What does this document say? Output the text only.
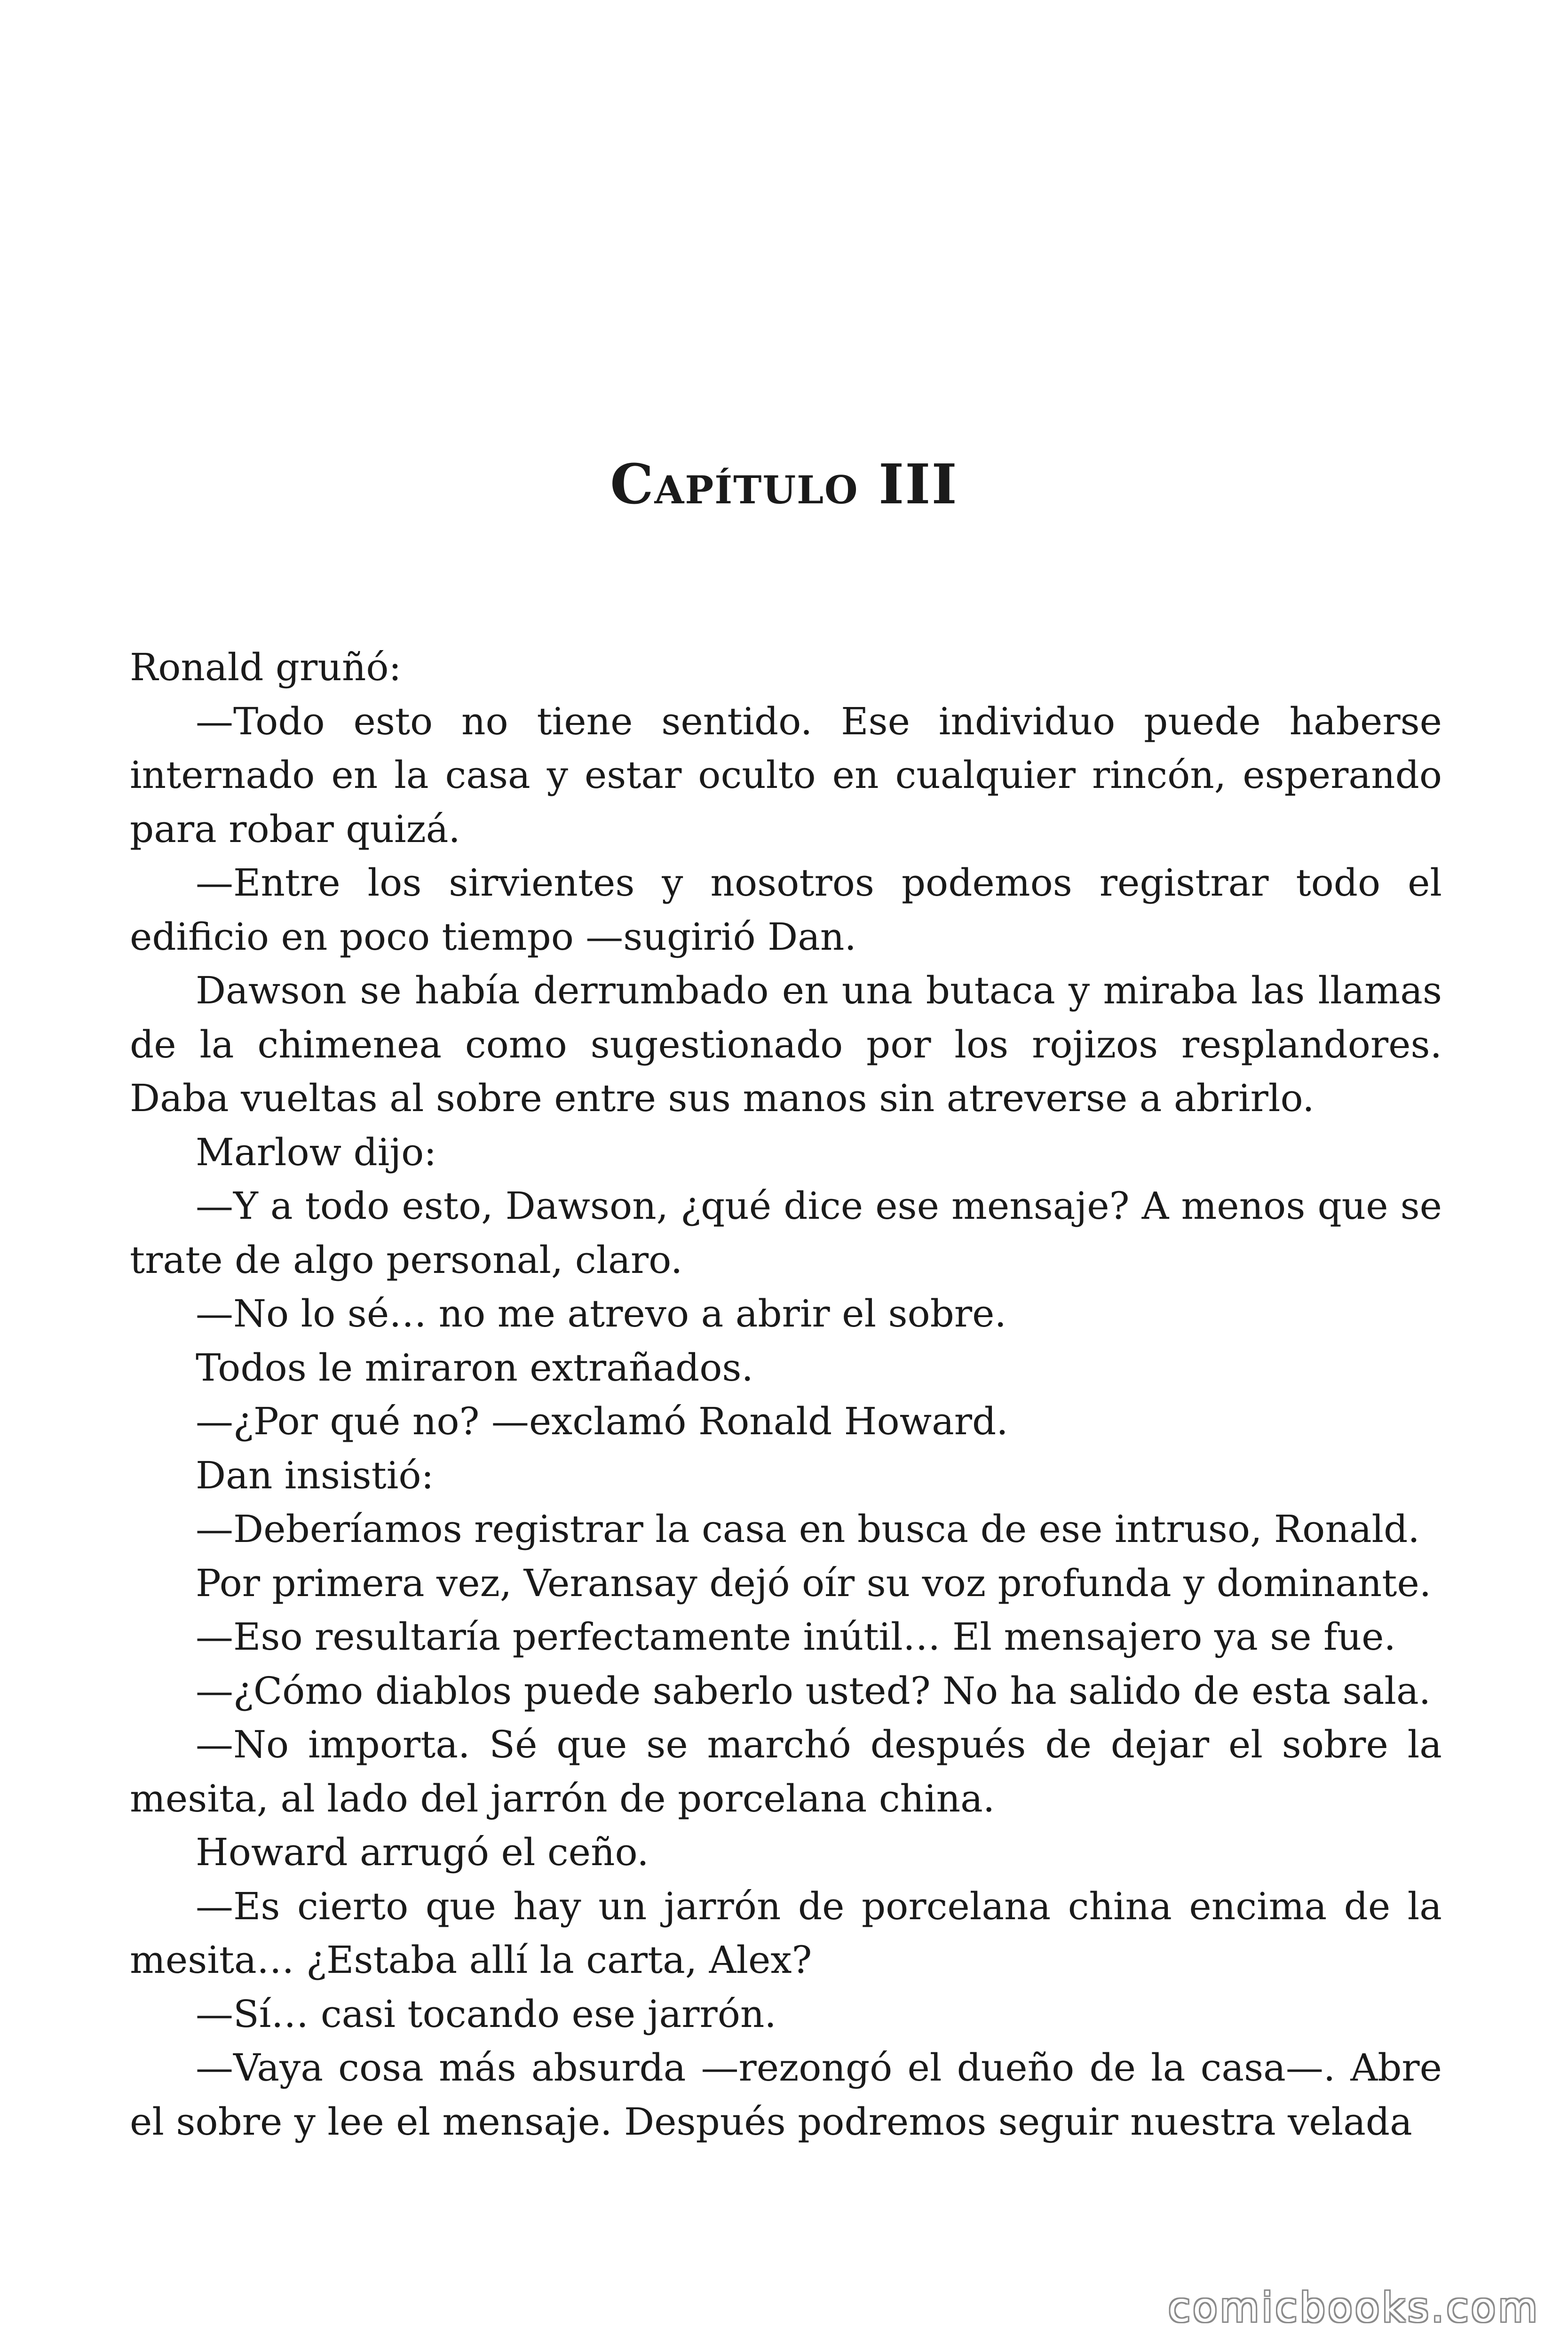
Capítulo III

Ronald gruñó:

—Todo esto no tiene sentido. Ese individuo puede haberse internado en la casa y estar oculto en cualquier rincón, esperando para robar quizá.

—Entre los sirvientes y nosotros podemos registrar todo el edificio en poco tiempo —sugirió Dan.

Dawson se había derrumbado en una butaca y miraba las llamas de la chimenea como sugestionado por los rojizos resplandores. Daba vueltas al sobre entre sus manos sin atreverse a abrirlo.

Marlow dijo:

—Y a todo esto, Dawson, ¿qué dice ese mensaje? A menos que se trate de algo personal, claro.

—No lo sé… no me atrevo a abrir el sobre.

Todos le miraron extrañados.

—¿Por qué no? —exclamó Ronald Howard.

Dan insistió:

—Deberíamos registrar la casa en busca de ese intruso, Ronald.

Por primera vez, Veransay dejó oír su voz profunda y dominante.

—Eso resultaría perfectamente inútil… El mensajero ya se fue.

—¿Cómo diablos puede saberlo usted? No ha salido de esta sala.

—No importa. Sé que se marchó después de dejar el sobre la mesita, al lado del jarrón de porcelana china.

Howard arrugó el ceño.

—Es cierto que hay un jarrón de porcelana china encima de la mesita… ¿Estaba allí la carta, Alex?

—Sí… casi tocando ese jarrón.

—Vaya cosa más absurda —rezongó el dueño de la casa—. Abre el sobre y lee el mensaje. Después podremos seguir nuestra velada

comicbooks.com
